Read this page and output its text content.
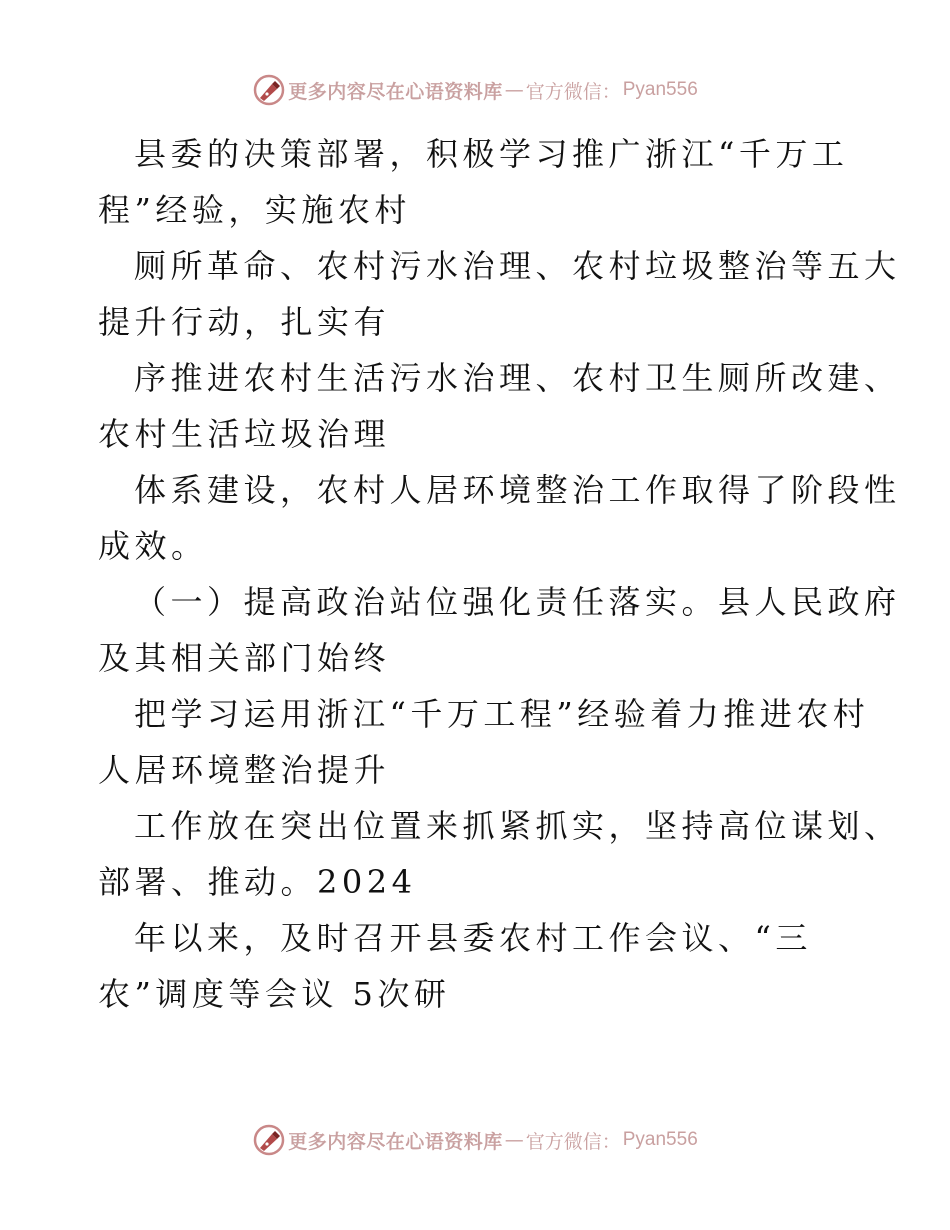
更多内容尽在心语资料库 — 官方微信： Pyan556

县委的决策部署，积极学习推广浙江“千万工
程”经验，实施农村

厕所革命、农村污水治理、农村垃圾整治等五大
提升行动，扎实有

序推进农村生活污水治理、农村卫生厕所改建、
农村生活垃圾治理

体系建设，农村人居环境整治工作取得了阶段性
成效。

（一）提高政治站位强化责任落实。县人民政府
及其相关部门始终

把学习运用浙江“千万工程”经验着力推进农村
人居环境整治提升

工作放在突出位置来抓紧抓实，坚持高位谋划、
部署、推动。2024

年以来，及时召开县委农村工作会议、“三
农”调度等会议 5次研

更多内容尽在心语资料库 — 官方微信： Pyan556
